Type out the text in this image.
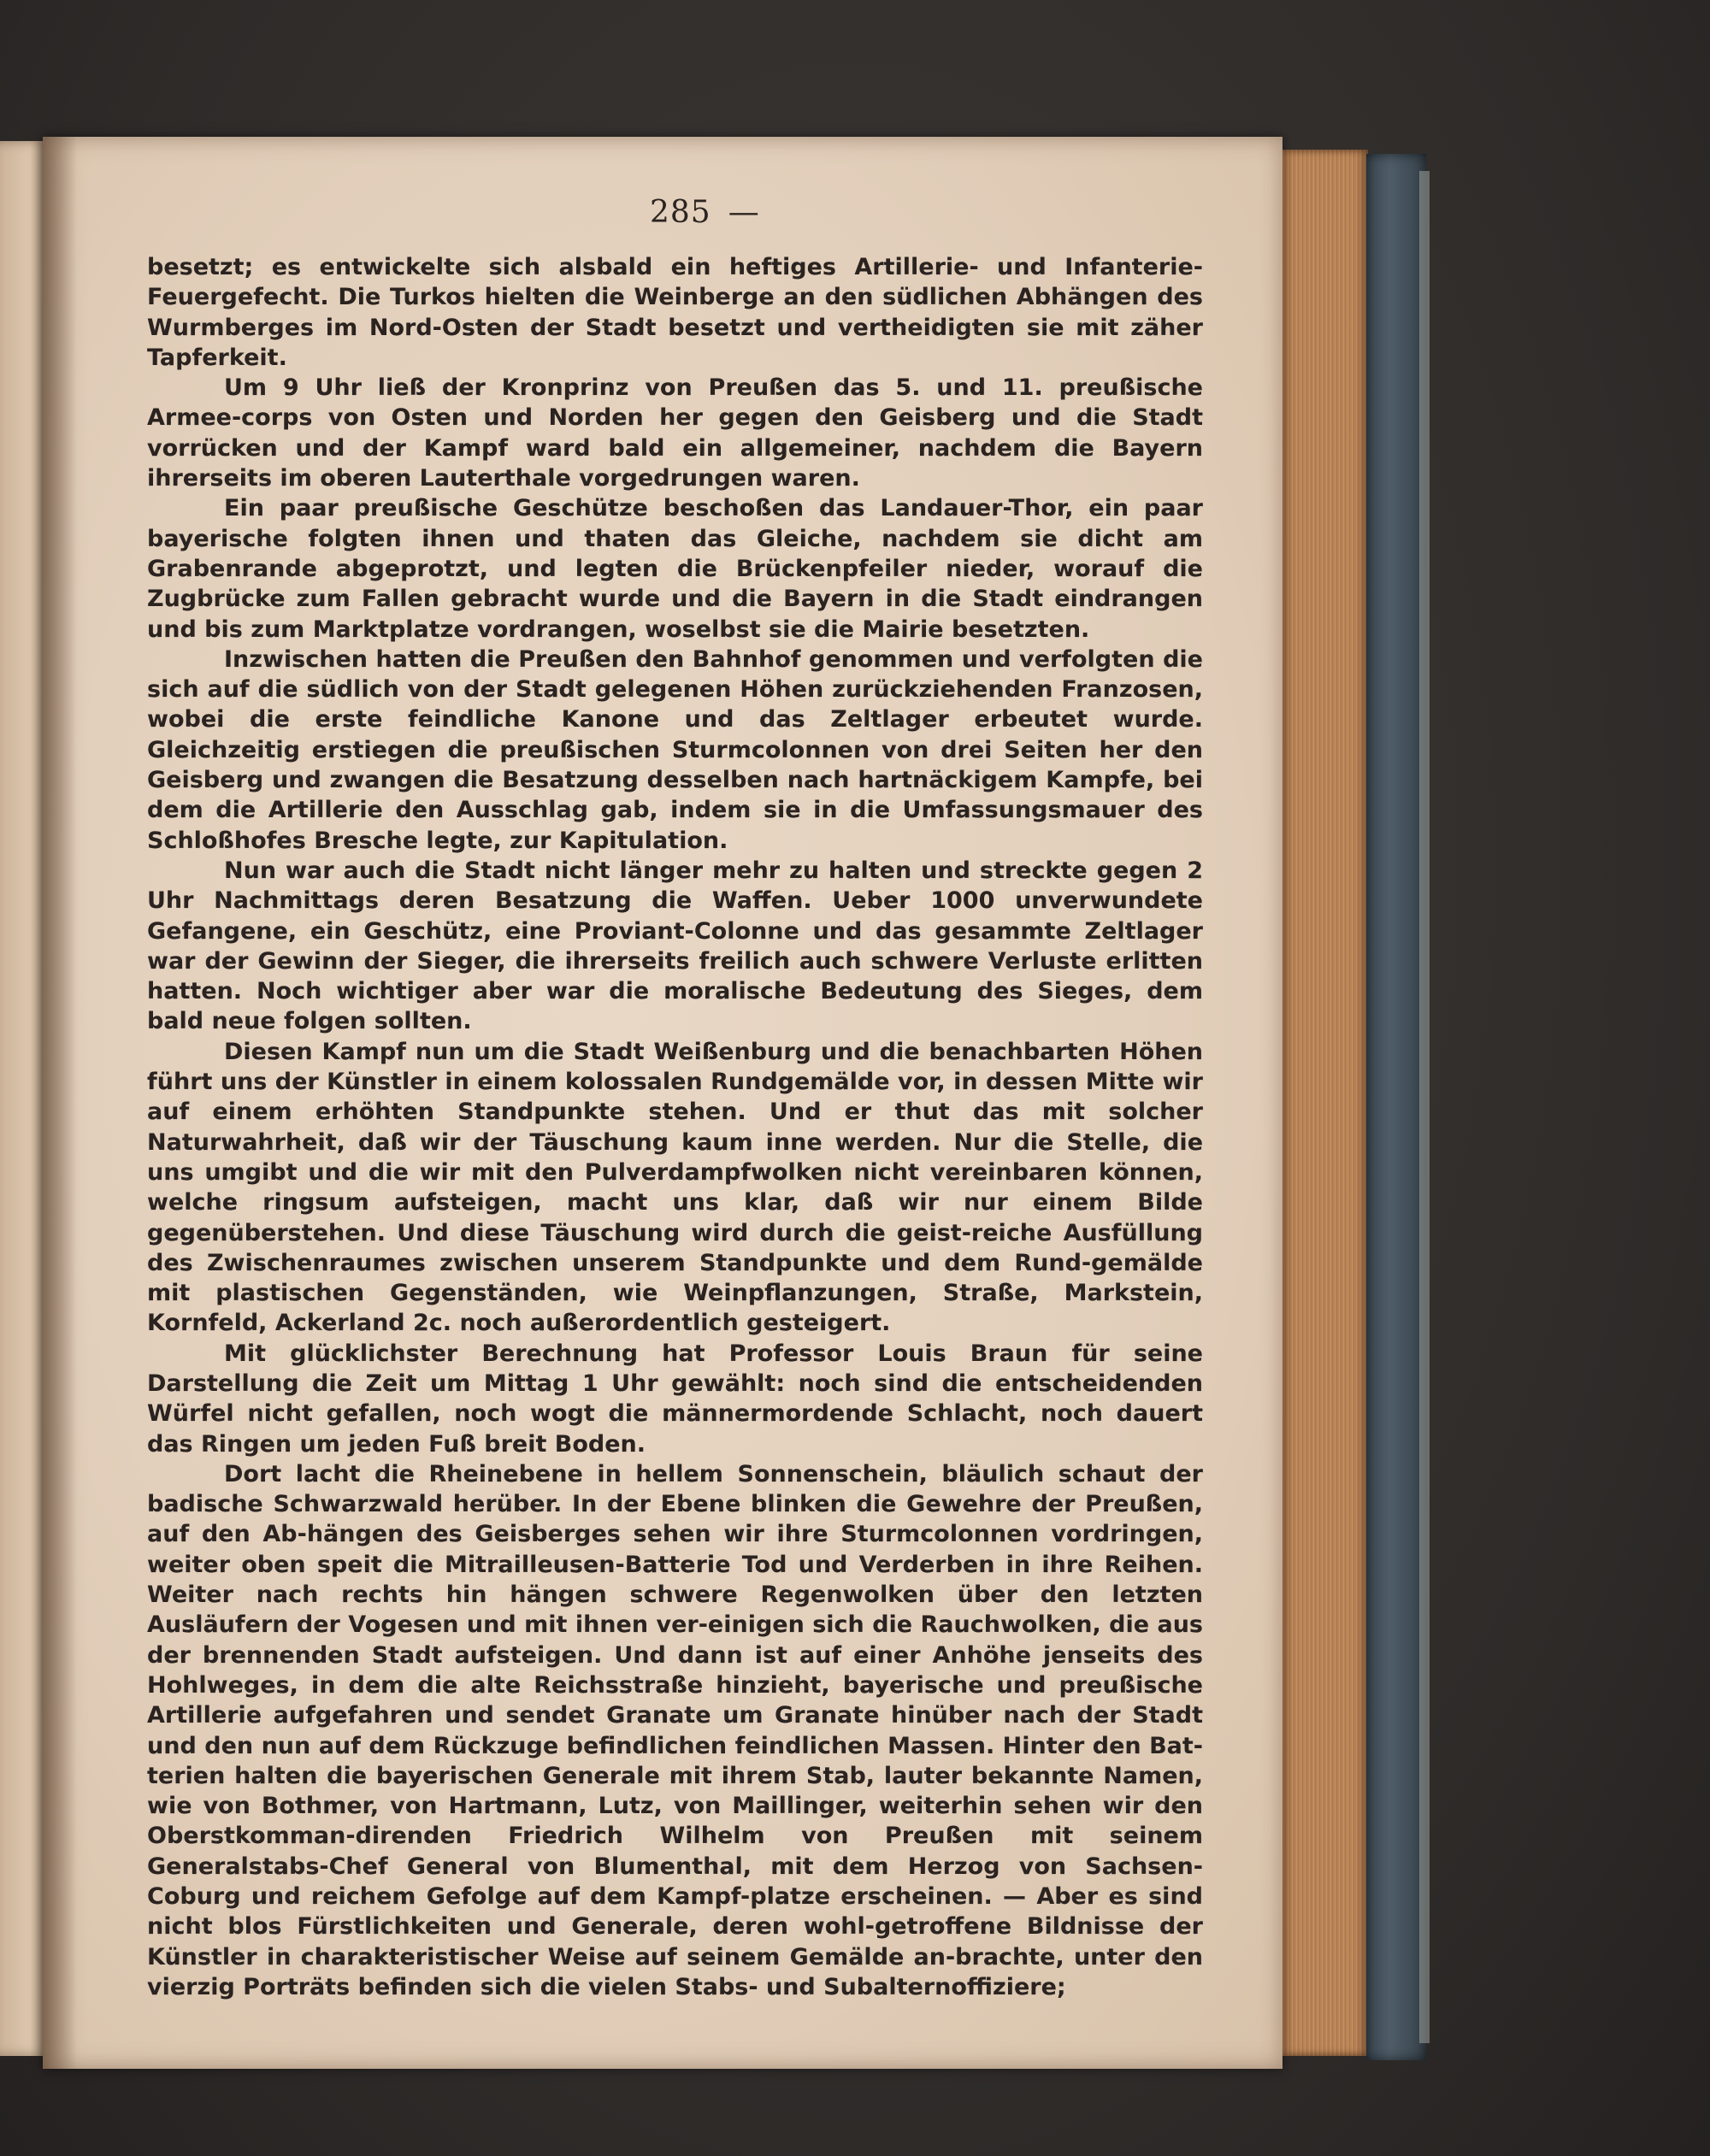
285 —

besetzt; es entwickelte sich alsbald ein heftiges Artillerie- und Infanterie-Feuergefecht. Die Turkos hielten die Weinberge an den südlichen Abhängen des Wurmberges im Nord-Osten der Stadt besetzt und vertheidigten sie mit zäher Tapferkeit.

Um 9 Uhr ließ der Kronprinz von Preußen das 5. und 11. preußische Armee-corps von Osten und Norden her gegen den Geisberg und die Stadt vorrücken und der Kampf ward bald ein allgemeiner, nachdem die Bayern ihrerseits im oberen Lauterthale vorgedrungen waren.

Ein paar preußische Geschütze beschoßen das Landauer-Thor, ein paar bayerische folgten ihnen und thaten das Gleiche, nachdem sie dicht am Grabenrande abgeprotzt, und legten die Brückenpfeiler nieder, worauf die Zugbrücke zum Fallen gebracht wurde und die Bayern in die Stadt eindrangen und bis zum Marktplatze vordrangen, woselbst sie die Mairie besetzten.

Inzwischen hatten die Preußen den Bahnhof genommen und verfolgten die sich auf die südlich von der Stadt gelegenen Höhen zurückziehenden Franzosen, wobei die erste feindliche Kanone und das Zeltlager erbeutet wurde. Gleichzeitig erstiegen die preußischen Sturmcolonnen von drei Seiten her den Geisberg und zwangen die Besatzung desselben nach hartnäckigem Kampfe, bei dem die Artillerie den Ausschlag gab, indem sie in die Umfassungsmauer des Schloßhofes Bresche legte, zur Kapitulation.

Nun war auch die Stadt nicht länger mehr zu halten und streckte gegen 2 Uhr Nachmittags deren Besatzung die Waffen. Ueber 1000 unverwundete Gefangene, ein Geschütz, eine Proviant-Colonne und das gesammte Zeltlager war der Gewinn der Sieger, die ihrerseits freilich auch schwere Verluste erlitten hatten. Noch wichtiger aber war die moralische Bedeutung des Sieges, dem bald neue folgen sollten.

Diesen Kampf nun um die Stadt Weißenburg und die benachbarten Höhen führt uns der Künstler in einem kolossalen Rundgemälde vor, in dessen Mitte wir auf einem erhöhten Standpunkte stehen. Und er thut das mit solcher Naturwahrheit, daß wir der Täuschung kaum inne werden. Nur die Stelle, die uns umgibt und die wir mit den Pulverdampfwolken nicht vereinbaren können, welche ringsum aufsteigen, macht uns klar, daß wir nur einem Bilde gegenüberstehen. Und diese Täuschung wird durch die geist-reiche Ausfüllung des Zwischenraumes zwischen unserem Standpunkte und dem Rund-gemälde mit plastischen Gegenständen, wie Weinpflanzungen, Straße, Markstein, Kornfeld, Ackerland 2c. noch außerordentlich gesteigert.

Mit glücklichster Berechnung hat Professor Louis Braun für seine Darstellung die Zeit um Mittag 1 Uhr gewählt: noch sind die entscheidenden Würfel nicht gefallen, noch wogt die männermordende Schlacht, noch dauert das Ringen um jeden Fuß breit Boden.

Dort lacht die Rheinebene in hellem Sonnenschein, bläulich schaut der badische Schwarzwald herüber. In der Ebene blinken die Gewehre der Preußen, auf den Ab-hängen des Geisberges sehen wir ihre Sturmcolonnen vordringen, weiter oben speit die Mitrailleusen-Batterie Tod und Verderben in ihre Reihen. Weiter nach rechts hin hängen schwere Regenwolken über den letzten Ausläufern der Vogesen und mit ihnen ver-einigen sich die Rauchwolken, die aus der brennenden Stadt aufsteigen. Und dann ist auf einer Anhöhe jenseits des Hohlweges, in dem die alte Reichsstraße hinzieht, bayerische und preußische Artillerie aufgefahren und sendet Granate um Granate hinüber nach der Stadt und den nun auf dem Rückzuge befindlichen feindlichen Massen. Hinter den Bat-terien halten die bayerischen Generale mit ihrem Stab, lauter bekannte Namen, wie von Bothmer, von Hartmann, Lutz, von Maillinger, weiterhin sehen wir den Oberstkomman-direnden Friedrich Wilhelm von Preußen mit seinem Generalstabs-Chef General von Blumenthal, mit dem Herzog von Sachsen-Coburg und reichem Gefolge auf dem Kampf-platze erscheinen. — Aber es sind nicht blos Fürstlichkeiten und Generale, deren wohl-getroffene Bildnisse der Künstler in charakteristischer Weise auf seinem Gemälde an-brachte, unter den vierzig Porträts befinden sich die vielen Stabs- und Subalternoffiziere;
